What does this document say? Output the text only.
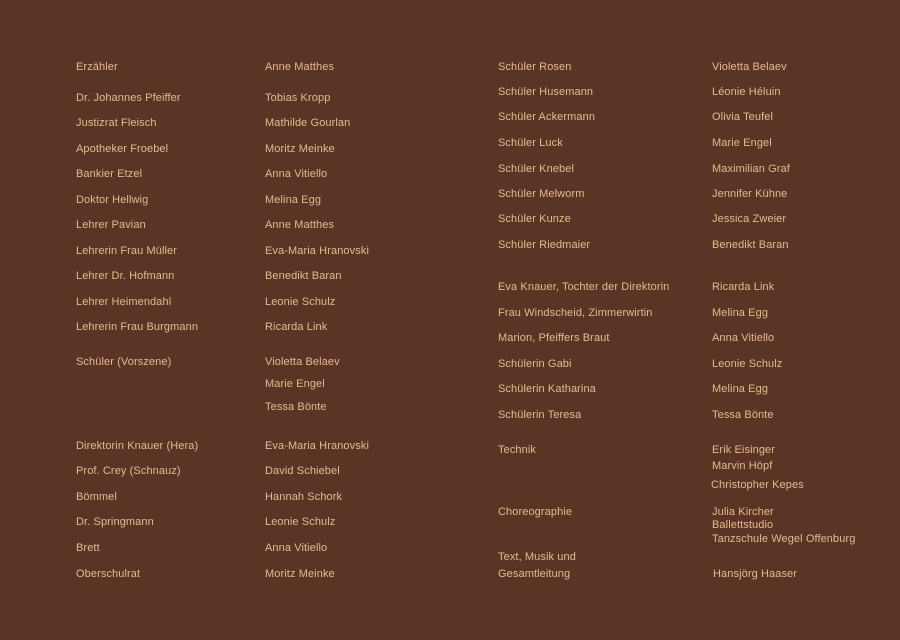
Erzähler
Dr. Johannes Pfeiffer
Justizrat Fleisch
Apotheker Froebel
Bankier Etzel
Doktor Hellwig
Lehrer Pavian
Lehrerin Frau Müller
Lehrer Dr. Hofmann
Lehrer Heimendahl
Lehrerin Frau Burgmann
Schüler (Vorszene)
Direktorin Knauer (Hera)
Prof. Crey (Schnauz)
Bömmel
Dr. Springmann
Brett
Oberschulrat
Anne Matthes
Tobias Kropp
Mathilde Gourlan
Moritz Meinke
Anna Vitiello
Melina Egg
Anne Matthes
Eva-Maria Hranovski
Benedikt Baran
Leonie Schulz
Ricarda Link
Violetta Belaev
Marie Engel
Tessa Bönte
Eva-Maria Hranovski
David Schiebel
Hannah Schork
Leonie Schulz
Anna Vitiello
Moritz Meinke
Schüler Rosen
Schüler Husemann
Schüler Ackermann
Schüler Luck
Schüler Knebel
Schüler Melworm
Schüler Kunze
Schüler Riedmaier
Eva Knauer, Tochter der Direktorin
Frau Windscheid, Zimmerwirtin
Marion, Pfeiffers Braut
Schülerin Gabi
Schülerin Katharina
Schülerin Teresa
Technik
Choreographie
Text, Musik und
Gesamtleitung
Violetta Belaev
Léonie Héluin
Olivia Teufel
Marie Engel
Maximilian Graf
Jennifer Kühne
Jessica Zweier
Benedikt Baran
Ricarda Link
Melina Egg
Anna Vitiello
Leonie Schulz
Melina Egg
Tessa Bönte
Erik Eisinger
Marvin Höpf
Christopher Kepes
Julia Kircher
Ballettstudio
Tanzschule Wegel Offenburg
Hansjörg Haaser
